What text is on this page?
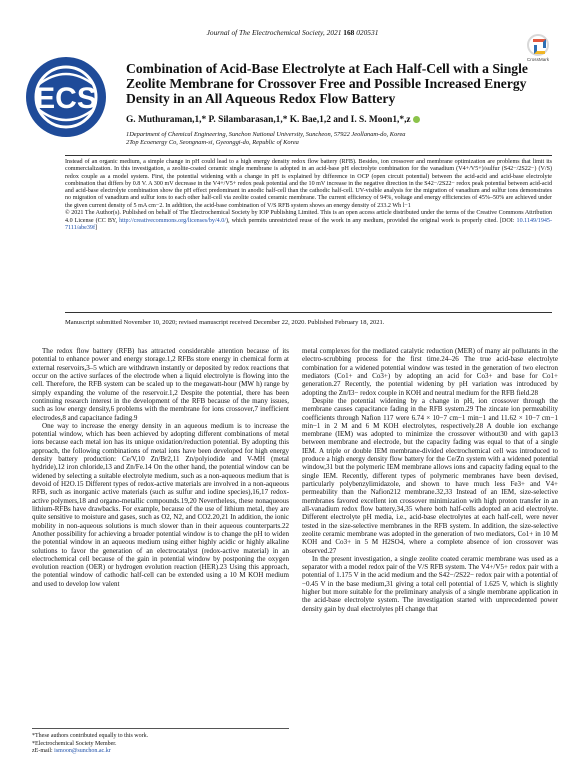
Journal of The Electrochemical Society, 2021 168 020531
CrossMark
ECS
Combination of Acid-Base Electrolyte at Each Half-Cell with a Single Zeolite Membrane for Crossover Free and Possible Increased Energy Density in an All Aqueous Redox Flow Battery
G. Muthuraman,1,* P. Silambarasan,1,* K. Bae,1,2 and I. S. Moon1,*,z
1Department of Chemical Engineering, Sunchon National University, Suncheon, 57922 Jeollanam-do, Korea
2Top Ecoenergy Co, Seongnam-si, Gyeonggi-do, Republic of Korea

Instead of an organic medium, a simple change in pH could lead to a high energy density redox flow battery (RFB). Besides, ion crossover and membrane optimization are problems that limit its commercialization. In this investigation, a zeolite-coated ceramic single membrane is adopted in an acid-base pH electrolyte combination for the vanadium (V4+/V5+)/sulfur (S42−/2S22−) (V/S) redox couple as a model system. First, the potential widening with a change in pH is explained by difference in OCP (open circuit potential) between the acid-acid and acid-base electrolyte combination that differs by 0.8 V. A 300 mV decrease in the V4+/V5+ redox peak potential and the 10 mV increase in the negative direction in the S42−/2S22− redox peak potential between acid-acid and acid-base electrolyte combination show the pH effect predominant in anodic half-cell than the cathodic half-cell. UV-visible analysis for the migration of vanadium and sulfur ions demonstrates no migration of vanadium and sulfur ions to each other half-cell via zeolite coated ceramic membrane. The current efficiency of 94%, voltage and energy efficiencies of 45%–50% are achieved under the given current density of 5 mA cm−2. In addition, the acid-base combination of V/S RFB system shows an energy density of 233.2 Wh l−1

© 2021 The Author(s). Published on behalf of The Electrochemical Society by IOP Publishing Limited. This is an open access article distributed under the terms of the Creative Commons Attribution 4.0 License (CC BY, http://creativecommons.org/licenses/by/4.0/), which permits unrestricted reuse of the work in any medium, provided the original work is properly cited. [DOI: 10.1149/1945-7111/abe39f]

Manuscript submitted November 10, 2020; revised manuscript received December 22, 2020. Published February 18, 2021.

The redox flow battery (RFB) has attracted considerable attention because of its potential to enhance power and energy storage.1,2 RFBs store energy in chemical form at external reservoirs,3–5 which are withdrawn instantly or deposited by redox reactions that occur on the active surfaces of the electrode when a liquid electrolyte is flowing into the cell. Therefore, the RFB system can be scaled up to the megawatt-hour (MW h) range by simply expanding the volume of the reservoir.1,2 Despite the potential, there has been continuing research interest in the development of the RFB because of the many issues, such as low energy density,6 problems with the membrane for ions crossover,7 inefficient electrodes,8 and capacitance fading.9

One way to increase the energy density in an aqueous medium is to increase the potential window, which has been achieved by adopting different combinations of metal ions because each metal ion has its unique oxidation/reduction potential. By adopting this approach, the following combinations of metal ions have been developed for high energy density battery production: Ce/V,10 Zn/Br2,11 Zn/polyiodide and V-MH (metal hydride),12 iron chloride,13 and Zn/Fe.14 On the other hand, the potential window can be widened by selecting a suitable electrolyte medium, such as a non-aqueous medium that is devoid of H2O.15 Different types of redox-active materials are involved in a non-aqueous RFB, such as inorganic active materials (such as sulfur and iodine species),16,17 redox-active polymers,18 and organo-metallic compounds.19,20 Nevertheless, these nonaqueous lithium-RFBs have drawbacks. For example, because of the use of lithium metal, they are quite sensitive to moisture and gases, such as O2, N2, and CO2.20,21 In addition, the ionic mobility in non-aqueous solutions is much slower than in their aqueous counterparts.22 Another possibility for achieving a broader potential window is to change the pH to widen the potential window in an aqueous medium using either highly acidic or highly alkaline solutions to favor the generation of an electrocatalyst (redox-active material) in an electrochemical cell because of the gain in potential window by postponing the oxygen evolution reaction (OER) or hydrogen evolution reaction (HER).23 Using this approach, the potential window of cathodic half-cell can be extended using a 10 M KOH medium and used to develop low valent

metal complexes for the mediated catalytic reduction (MER) of many air pollutants in the electro-scrubbing process for the first time.24–26 The true acid-base electrolyte combination for a widened potential window was tested in the generation of two electron mediators (Co1+ and Co3+) by adopting an acid for Co3+ and base for Co1+ generation.27 Recently, the potential widening by pH variation was introduced by adopting the Zn/I3− redox couple in KOH and neutral medium for the RFB field.28

Despite the potential widening by a change in pH, ion crossover through the membrane causes capacitance fading in the RFB system.29 The zincate ion permeability coefficients through Nafion 117 were 6.74 × 10−7 cm−1 min−1 and 11.62 × 10−7 cm−1 min−1 in 2 M and 6 M KOH electrolytes, respectively.28 A double ion exchange membrane (IEM) was adopted to minimize the crossover without30 and with gap13 between membrane and electrode, but the capacity fading was equal to that of a single IEM. A triple or double IEM membrane-divided electrochemical cell was introduced to produce a high energy density flow battery for the Ce/Zn system with a widened potential window,31 but the polymeric IEM membrane allows ions and capacity fading equal to the single IEM. Recently, different types of polymeric membranes have been devised, particularly polybenzylimidazole, and shown to have much less Fe3+ and V4+ permeability than the Nafion212 membrane.32,33 Instead of an IEM, size-selective membranes favored excellent ion crossover minimization with high proton transfer in an all-vanadium redox flow battery,34,35 where both half-cells adopted an acid electrolyte. Different electrolyte pH media, i.e., acid-base electrolytes at each half-cell, were never tested in the size-selective membranes in the RFB system. In addition, the size-selective zeolite ceramic membrane was adopted in the generation of two mediators, Co1+ in 10 M KOH and Co3+ in 5 M H2SO4, where a complete absence of ion crossover was observed.27

In the present investigation, a single zeolite coated ceramic membrane was used as a separator with a model redox pair of the V/S RFB system. The V4+/V5+ redox pair with a potential of 1.175 V in the acid medium and the S42−/2S22− redox pair with a potential of −0.45 V in the base medium,31 giving a total cell potential of 1.625 V, which is slightly higher but more suitable for the preliminary analysis of a single membrane application in the acid-base electrolyte system. The investigation started with unprecedented power density gain by dual electrolytes pH change that

*These authors contributed equally to this work.
*Electrochemical Society Member.
zE-mail: ismoon@sunchon.ac.kr
